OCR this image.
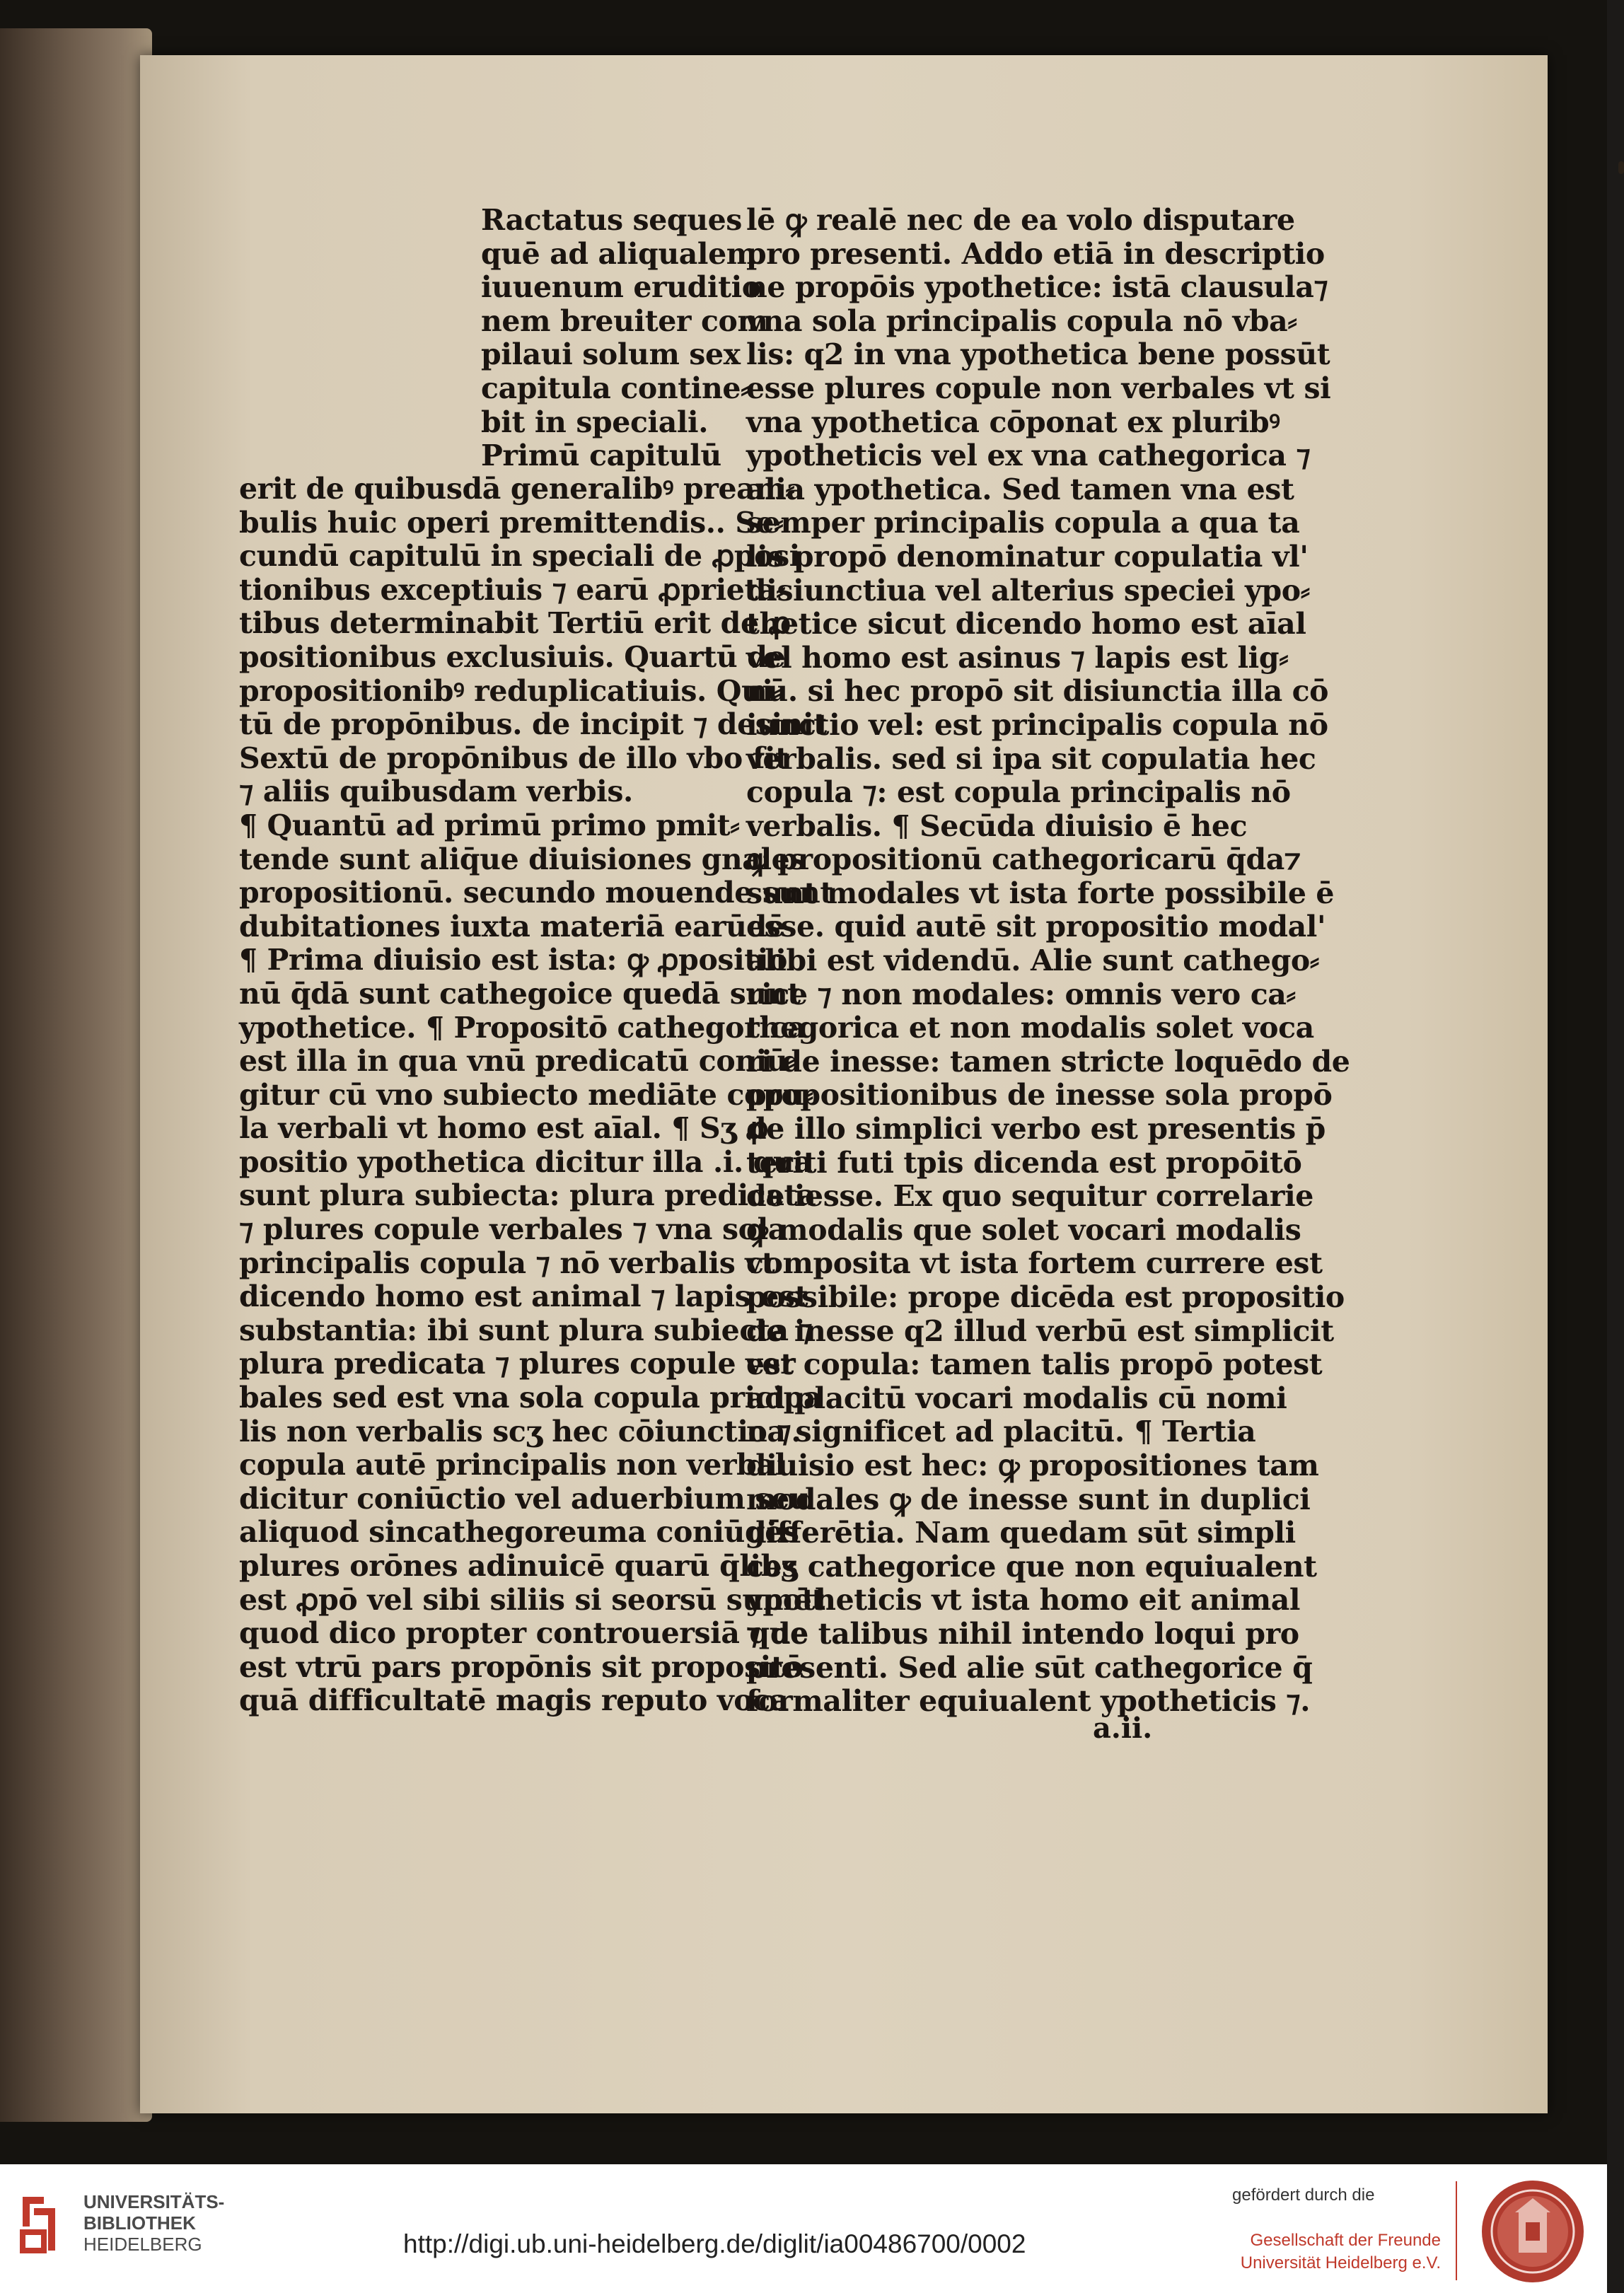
Ractatus seques

quē ad aliqualem

iuuenum eruditio

nem breuiter com

pilaui solum sex

capitula contine⸗

bit in speciali.

Primū capitulū

erit de quibusdā generalibꝰ pream⸗

bulis huic operi premittendis.. Se⸗

cundū capitulū in speciali de ꝓposi

tionibus exceptiuis ⁊ earū ꝓprieta⸗

tibus determinabit Tertiū erit de ꝓ

positionibus exclusiuis. Quartū de

propositionibꝰ reduplicatiuis. Qui⸗

tū de propōnibus. de incipit ⁊ desinit

Sextū de propōnibus de illo vbo fit

⁊ aliis quibusdam verbis.

¶ Quantū ad primū primo pmit⸗

tende sunt aliq̄ue diuisiones gnales

propositionū. secundo mouende sunt

dubitationes iuxta materiā earūdē

¶ Prima diuisio est ista: ꝙ ꝓpositio

nū q̄dā sunt cathegoice quedā sunt

ypothetice. ¶ Propositō cathegorica

est illa in qua vnū predicatū coniū⸗

gitur cū vno subiecto mediāte copu⸗

la verbali vt homo est aīal. ¶ Sʒ ꝓ

positio ypothetica dicitur illa .i. qua

sunt plura subiecta: plura predicata

⁊ plures copule verbales ⁊ vna sola

principalis copula ⁊ nō verbalis vt

dicendo homo est animal ⁊ lapis est

substantia: ibi sunt plura subiecta ⁊

plura predicata ⁊ plures copule ver

bales sed est vna sola copula pricipa

lis non verbalis scʒ hec cōiunctio ⁊.

copula autē principalis non verbal

dicitur coniūctio vel aduerbium seu

aliquod sincathegoreuma coniūgēs

plures orōnes adinuicē quarū q̄libʒ

est ꝓpō vel sibi siliis si seorsū sumēt

quod dico propter controuersiā que

est vtrū pars propōnis sit propositō

quā difficultatē magis reputo voca

lē ꝙ realē nec de ea volo disputare

pro presenti. Addo etiā in descriptio

ne propōis ypothetice: istā clausula⁊

vna sola principalis copula nō vba⸗

lis: q2 in vna ypothetica bene possūt

esse plures copule non verbales vt si

vna ypothetica cōponat ex pluribꝰ

ypotheticis vel ex vna cathegorica ⁊

alia ypothetica. Sed tamen vna est

semper principalis copula a qua ta

lis propō denominatur copulatia vl'

disiunctiua vel alterius speciei ypo⸗

thetice sicut dicendo homo est aīal

vel homo est asinus ⁊ lapis est lig⸗

nū. si hec propō sit disiunctia illa cō

iunctio vel: est principalis copula nō

verbalis. sed si ipa sit copulatia hec

copula ⁊: est copula principalis nō

verbalis. ¶ Secūda diuisio ē hec

ꝙ propositionū cathegoricarū q̄da⁊

sunt modales vt ista forte possibile ē

esse. quid autē sit propositio modal'

alibi est videndū. Alie sunt cathego⸗

rice ⁊ non modales: omnis vero ca⸗

thegorica et non modalis solet voca

ri de inesse: tamen stricte loquēdo de

propositionibus de inesse sola propō

de illo simplici verbo est presentis p̄

teriti futi tpis dicenda est propōitō

de iesse. Ex quo sequitur correlarie

ꝙ modalis que solet vocari modalis

composita vt ista fortem currere est

possibile: prope dicēda est propositio

de inesse q2 illud verbū est simplicit

est copula: tamen talis propō potest

ad placitū vocari modalis cū nomi

na significet ad placitū. ¶ Tertia

diuisio est hec: ꝙ propositiones tam

modales ꝙ de inesse sunt in duplici

differētia. Nam quedam sūt simpli

ces cathegorice que non equiualent

ypotheticis vt ista homo eit animal

⁊ de talibus nihil intendo loqui pro

presenti. Sed alie sūt cathegorice q̄

formaliter equiualent ypotheticis ⁊.

a.ii.
UNIVERSITÄTS-
BIBLIOTHEK
HEIDELBERG	http://digi.ub.uni-heidelberg.de/diglit/ia00486700/0002
gefördert durch die
Gesellschaft der Freunde
Universität Heidelberg e.V.
